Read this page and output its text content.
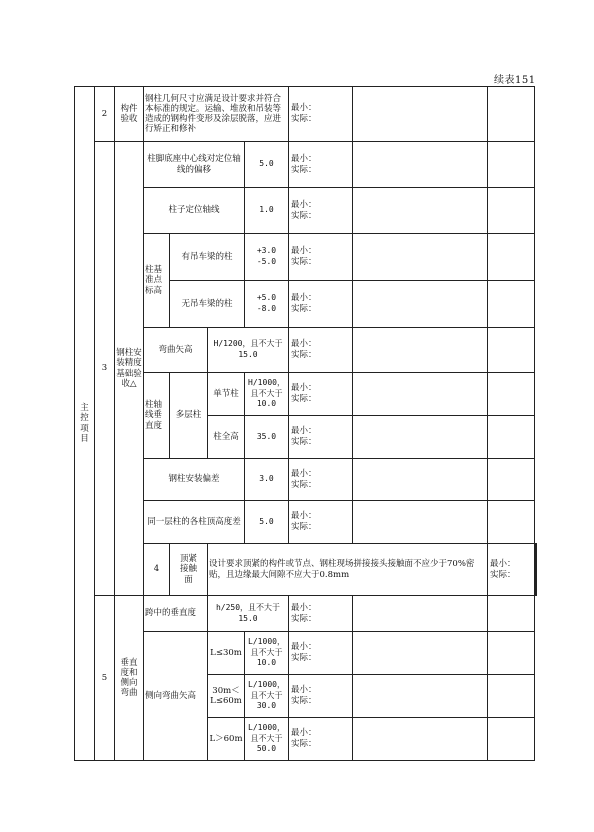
续表151
主
控
项
目	2	构件
验收	钢柱几何尺寸应满足设计要求并符合本标准的规定。运输、堆放和吊装等造成的钢构件变形及涂层脱落，应进行矫正和修补				最小：
实际：			

	3	钢柱安
装精度
基础验
收△	柱脚底座中心线对定位轴线的偏移			5.0	最小：
实际：			

			柱子定位轴线			1.0	最小：
实际：			

			柱基
准点
标高	有吊车梁的柱		+3.0
-5.0	最小：
实际：			

				无吊车梁的柱		+5.0
-8.0	最小：
实际：			

			弯曲矢高		H/1200，且不大于15.0		最小：
实际：			

			柱轴
线垂
直度	多层柱	单节柱	H/1000，且不大于10.0	最小：
实际：			

					柱全高	35.0	最小：
实际：			

			钢柱安装偏差			3.0	最小：
实际：			

			同一层柱的各柱顶高度差			5.0	最小：
实际：			

			4	顶紧
接触
面	设计要求顶紧的构件或节点、钢柱现场拼接接头接触面不应少于70%密贴，且边缘最大间隙不应大于0.8mm				最小：
实际：	

	5	垂直
度和
侧向
弯曲	跨中的垂直度		h/250，且不大于15.0		最小：
实际：			

			侧向弯曲矢高		L≤30m	L/1000，且不大于10.0	最小：
实际：			

					30m＜L≤60m	L/1000，且不大于30.0	最小：
实际：			

					L＞60m	L/1000，且不大于50.0	最小：
实际：			
